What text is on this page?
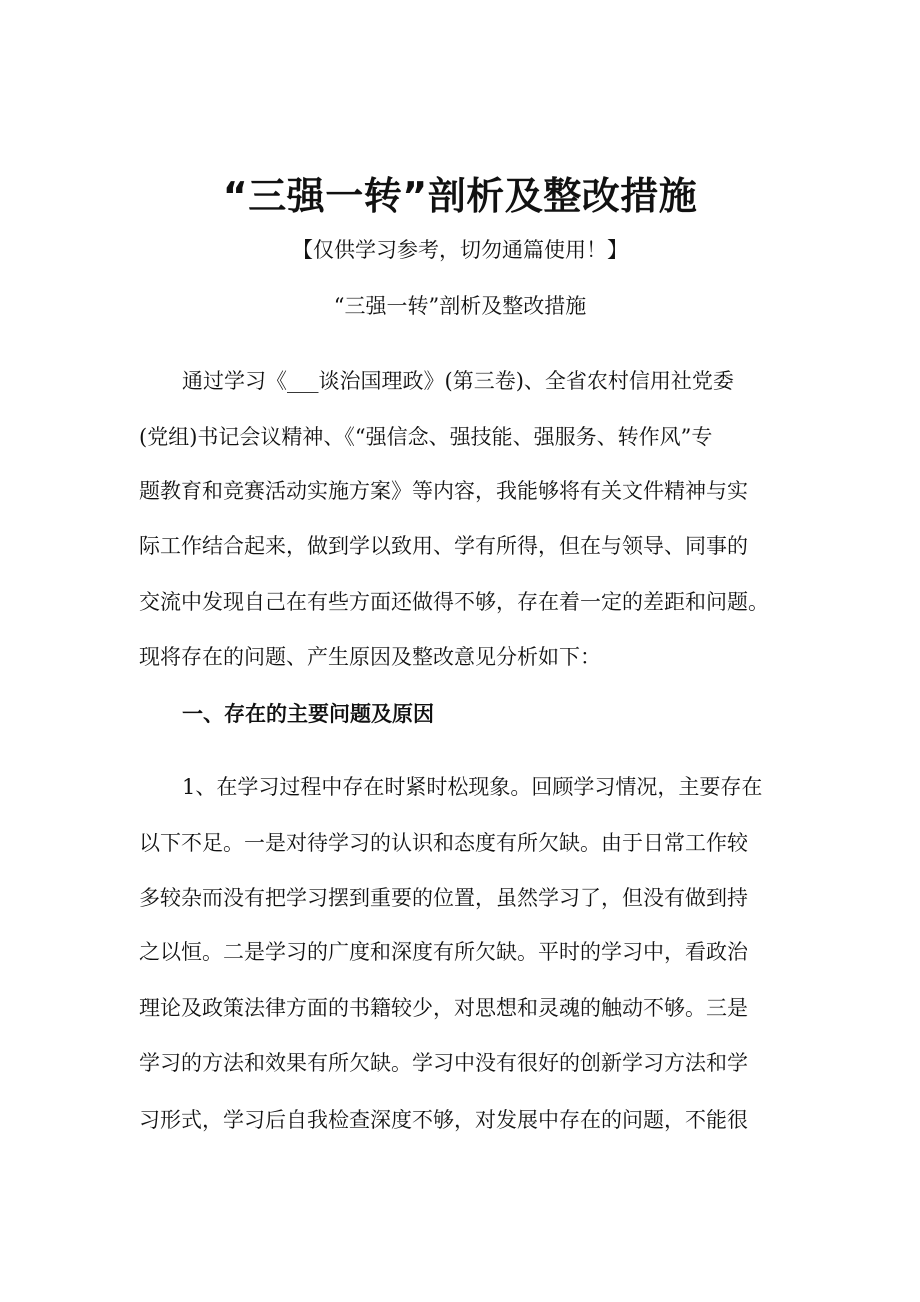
“三强一转”剖析及整改措施
【仅供学习参考，切勿通篇使用！】
“三强一转”剖析及整改措施
通过学习《___谈治国理政》(第三卷)、全省农村信用社党委
(党组)书记会议精神、《“强信念、强技能、强服务、转作风”专
题教育和竞赛活动实施方案》等内容，我能够将有关文件精神与实
际工作结合起来，做到学以致用、学有所得，但在与领导、同事的
交流中发现自己在有些方面还做得不够，存在着一定的差距和问题。
现将存在的问题、产生原因及整改意见分析如下：
一、存在的主要问题及原因
1、在学习过程中存在时紧时松现象。回顾学习情况，主要存在
以下不足。一是对待学习的认识和态度有所欠缺。由于日常工作较
多较杂而没有把学习摆到重要的位置，虽然学习了，但没有做到持
之以恒。二是学习的广度和深度有所欠缺。平时的学习中，看政治
理论及政策法律方面的书籍较少，对思想和灵魂的触动不够。三是
学习的方法和效果有所欠缺。学习中没有很好的创新学习方法和学
习形式，学习后自我检查深度不够，对发展中存在的问题，不能很
